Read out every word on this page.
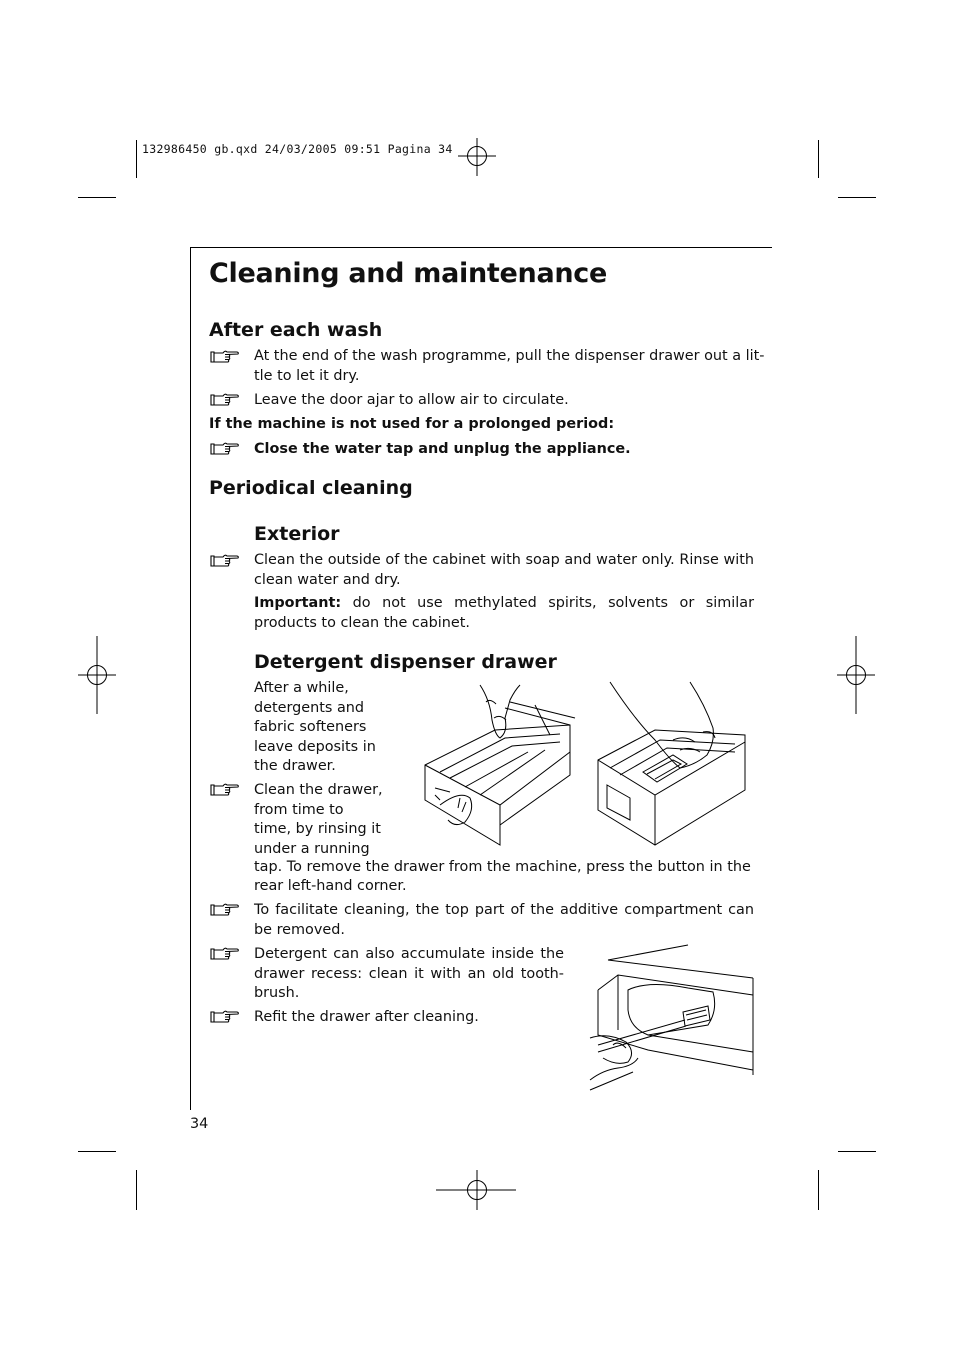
132986450 gb.qxd 24/03/2005 09:51 Pagina 34
Cleaning and maintenance
After each wash
At the end of the wash programme, pull the dispenser drawer out a lit-
tle to let it dry.
Leave the door ajar to allow air to circulate.
If the machine is not used for a prolonged period:
Close the water tap and unplug the appliance.
Periodical cleaning
Exterior
Clean the outside of the cabinet with soap and water only. Rinse with clean water and dry.
Important: do not use methylated spirits, solvents or similar products to clean the cabinet.
Detergent dispenser drawer
After a while,
detergents and
fabric softeners
leave deposits in
the drawer.
Clean the drawer,
from time to
time, by rinsing it
under a running
tap. To remove the drawer from the machine, press the button in the
rear left-hand corner.
To facilitate cleaning, the top part of the additive compartment can be removed.
Detergent can also accumulate inside the drawer recess: clean it with an old tooth-brush.
Refit the drawer after cleaning.
34
